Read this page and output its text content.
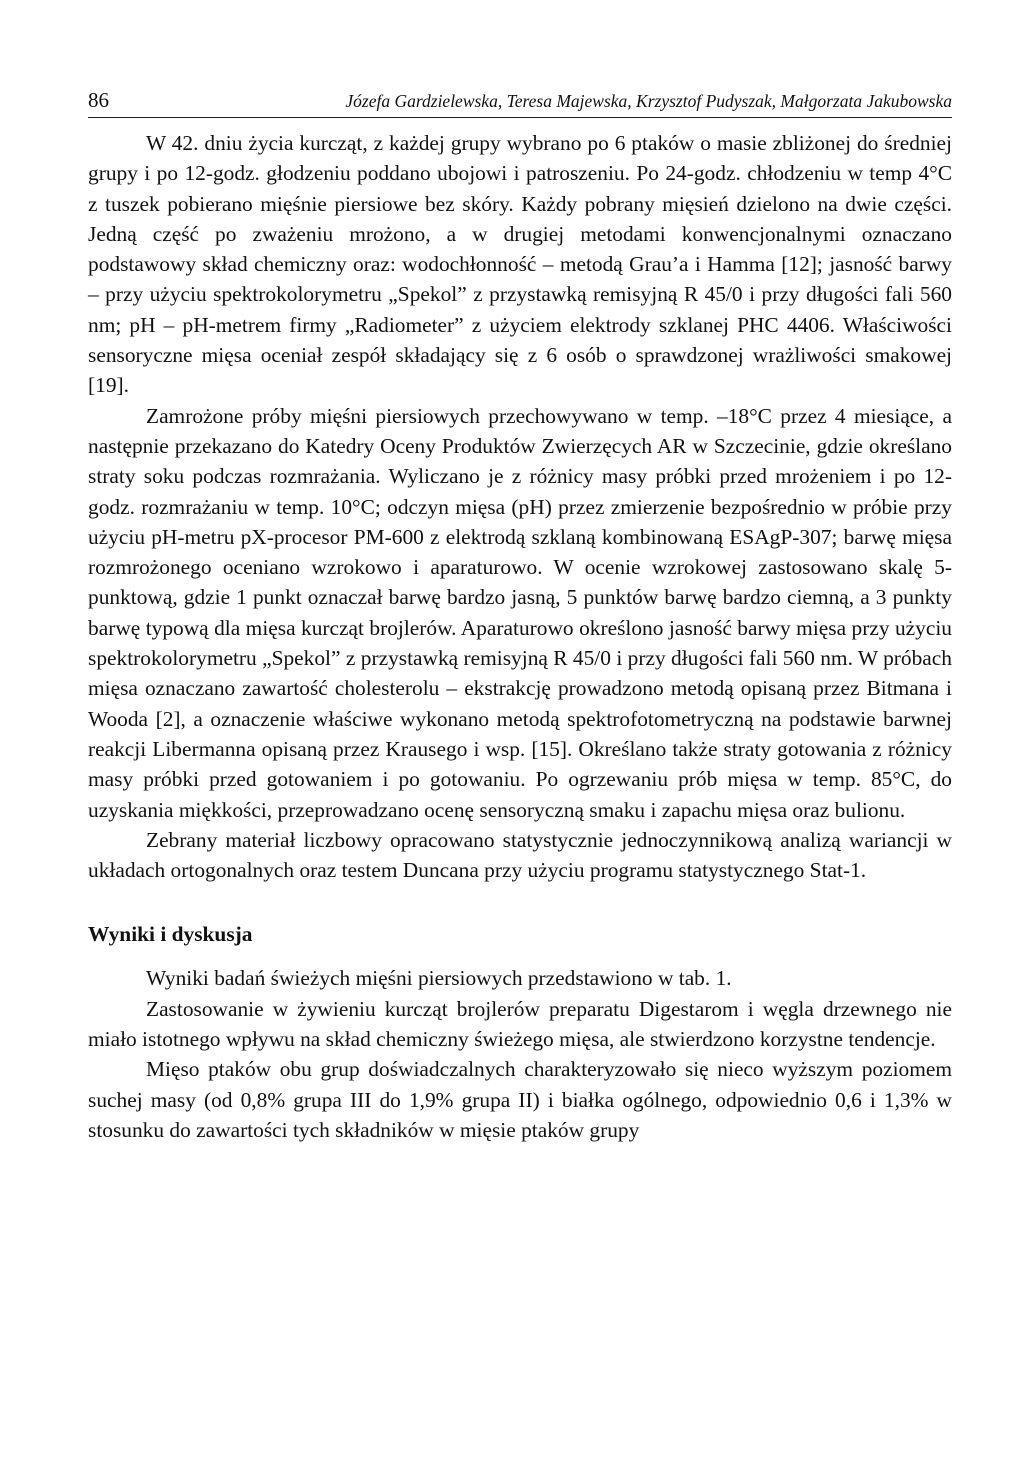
86	Józefa Gardzielewska, Teresa Majewska, Krzysztof Pudyszak, Małgorzata Jakubowska

W 42. dniu życia kurcząt, z każdej grupy wybrano po 6 ptaków o masie zbliżonej do średniej grupy i po 12-godz. głodzeniu poddano ubojowi i patroszeniu. Po 24-godz. chłodzeniu w temp 4°C z tuszek pobierano mięśnie piersiowe bez skóry. Każdy pobrany mięsień dzielono na dwie części. Jedną część po zważeniu mrożono, a w drugiej metodami konwencjonalnymi oznaczano podstawowy skład chemiczny oraz: wodochłonność – metodą Grau’a i Hamma [12]; jasność barwy – przy użyciu spektrokolorymetru „Spekol” z przystawką remisyjną R 45/0 i przy długości fali 560 nm; pH – pH-metrem firmy „Radiometer” z użyciem elektrody szklanej PHC 4406. Właściwości sensoryczne mięsa oceniał zespół składający się z 6 osób o sprawdzonej wrażliwości smakowej [19].

Zamrożone próby mięśni piersiowych przechowywano w temp. –18°C przez 4 miesiące, a następnie przekazano do Katedry Oceny Produktów Zwierzęcych AR w Szczecinie, gdzie określano straty soku podczas rozmrażania. Wyliczano je z różnicy masy próbki przed mrożeniem i po 12-godz. rozmrażaniu w temp. 10°C; odczyn mięsa (pH) przez zmierzenie bezpośrednio w próbie przy użyciu pH-metru pX-procesor PM-600 z elektrodą szklaną kombinowaną ESAgP-307; barwę mięsa rozmrożonego oceniano wzrokowo i aparaturowo. W ocenie wzrokowej zastosowano skalę 5-punktową, gdzie 1 punkt oznaczał barwę bardzo jasną, 5 punktów barwę bardzo ciemną, a 3 punkty barwę typową dla mięsa kurcząt brojlerów. Aparaturowo określono jasność barwy mięsa przy użyciu spektrokolorymetru „Spekol” z przystawką remisyjną R 45/0 i przy długości fali 560 nm. W próbach mięsa oznaczano zawartość cholesterolu – ekstrakcję prowadzono metodą opisaną przez Bitmana i Wooda [2], a oznaczenie właściwe wykonano metodą spektrofotometryczną na podstawie barwnej reakcji Libermanna opisaną przez Krausego i wsp. [15]. Określano także straty gotowania z różnicy masy próbki przed gotowaniem i po gotowaniu. Po ogrzewaniu prób mięsa w temp. 85°C, do uzyskania miękkości, przeprowadzano ocenę sensoryczną smaku i zapachu mięsa oraz bulionu.

Zebrany materiał liczbowy opracowano statystycznie jednoczynnikową analizą wariancji w układach ortogonalnych oraz testem Duncana przy użyciu programu statystycznego Stat-1.

Wyniki i dyskusja

Wyniki badań świeżych mięśni piersiowych przedstawiono w tab. 1.

Zastosowanie w żywieniu kurcząt brojlerów preparatu Digestarom i węgla drzewnego nie miało istotnego wpływu na skład chemiczny świeżego mięsa, ale stwierdzono korzystne tendencje.

Mięso ptaków obu grup doświadczalnych charakteryzowało się nieco wyższym poziomem suchej masy (od 0,8% grupa III do 1,9% grupa II) i białka ogólnego, odpowiednio 0,6 i 1,3% w stosunku do zawartości tych składników w mięsie ptaków grupy
